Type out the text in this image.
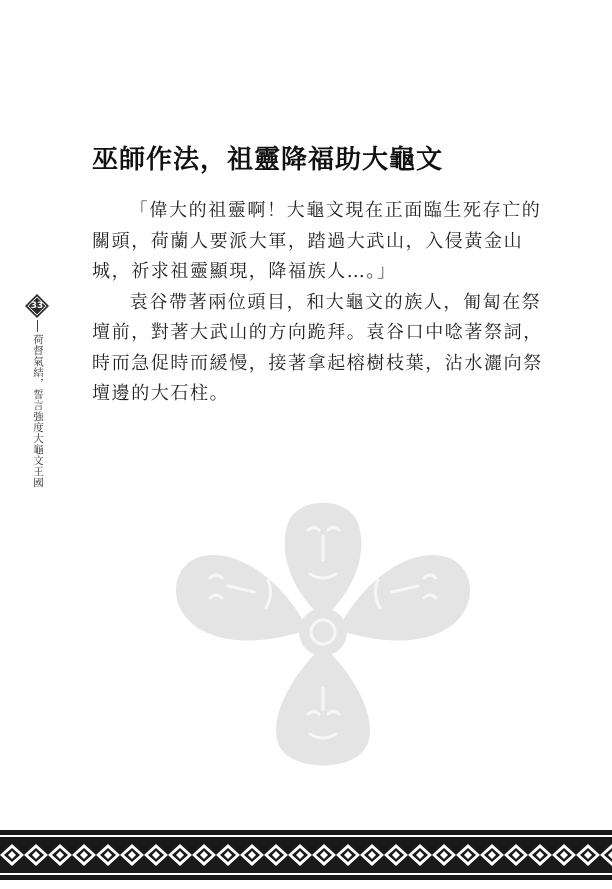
巫師作法，祖靈降福助大龜文

「偉大的祖靈啊！大龜文現在正面臨生死存亡的關頭，荷蘭人要派大軍，踏過大武山，入侵黃金山城，祈求祖靈顯現，降福族人…。」

袁谷帶著兩位頭目，和大龜文的族人，匍匐在祭壇前，對著大武山的方向跪拜。袁谷口中唸著祭詞，時而急促時而緩慢，接著拿起榕樹枝葉，沾水灑向祭壇邊的大石柱。

33
荷督氣結，誓言強度大龜文王國
